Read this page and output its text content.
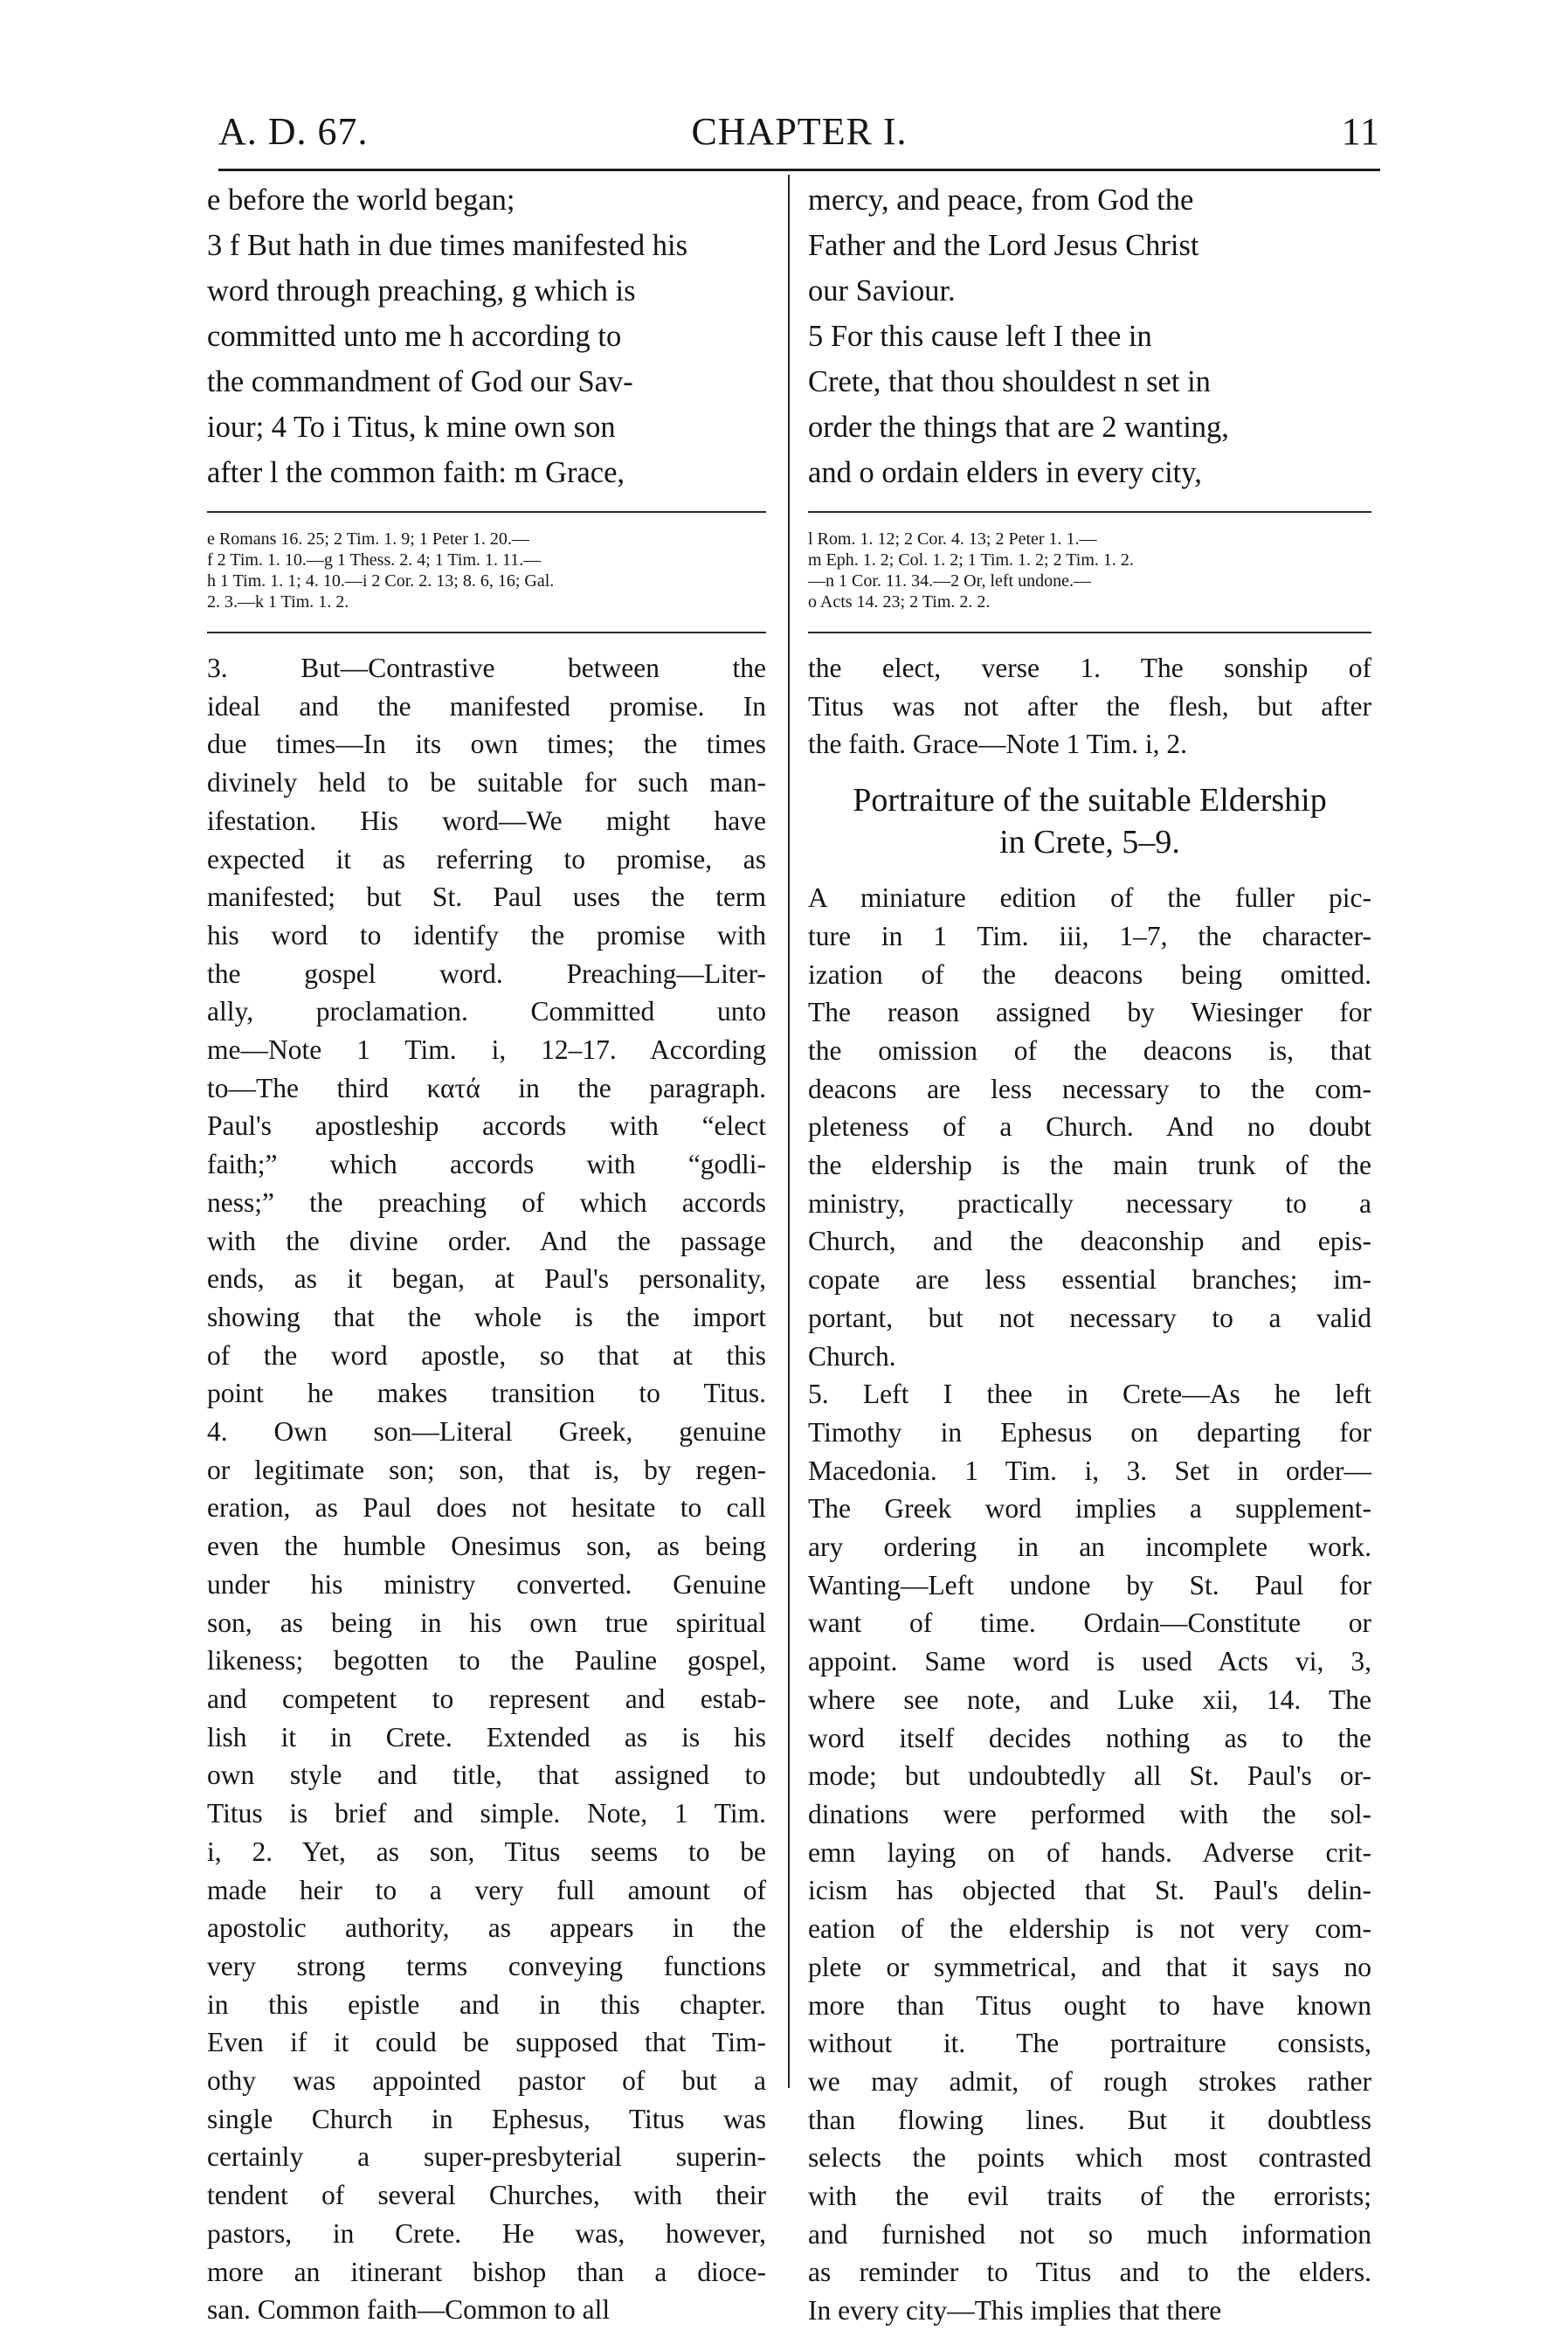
A. D. 67.	CHAPTER I.	11
e before the world began;
3 f But hath in due times manifested his
word through preaching, g which is
committed unto me h according to
the commandment of God our Sav-
iour; 4 To i Titus, k mine own son
after l the common faith: m Grace,
e Romans 16. 25; 2 Tim. 1. 9; 1 Peter 1. 20.—
f 2 Tim. 1. 10.—g 1 Thess. 2. 4; 1 Tim. 1. 11.—
h 1 Tim. 1. 1; 4. 10.—i 2 Cor. 2. 13; 8. 6, 16; Gal.
2. 3.—k 1 Tim. 1. 2.
3. But—Contrastive between the
ideal and the manifested promise. In
due times—In its own times; the times
divinely held to be suitable for such man-
ifestation. His word—We might have
expected it as referring to promise, as
manifested; but St. Paul uses the term
his word to identify the promise with
the gospel word. Preaching—Liter-
ally, proclamation. Committed unto
me—Note 1 Tim. i, 12–17. According
to—The third κατά in the paragraph.
Paul's apostleship accords with “elect
faith;” which accords with “godli-
ness;” the preaching of which accords
with the divine order. And the passage
ends, as it began, at Paul's personality,
showing that the whole is the import
of the word apostle, so that at this
point he makes transition to Titus.
4. Own son—Literal Greek, genuine
or legitimate son; son, that is, by regen-
eration, as Paul does not hesitate to call
even the humble Onesimus son, as being
under his ministry converted. Genuine
son, as being in his own true spiritual
likeness; begotten to the Pauline gospel,
and competent to represent and estab-
lish it in Crete. Extended as is his
own style and title, that assigned to
Titus is brief and simple. Note, 1 Tim.
i, 2. Yet, as son, Titus seems to be
made heir to a very full amount of
apostolic authority, as appears in the
very strong terms conveying functions
in this epistle and in this chapter.
Even if it could be supposed that Tim-
othy was appointed pastor of but a
single Church in Ephesus, Titus was
certainly a super-presbyterial superin-
tendent of several Churches, with their
pastors, in Crete. He was, however,
more an itinerant bishop than a dioce-
san. Common faith—Common to all
mercy, and peace, from God the
Father and the Lord Jesus Christ
our Saviour.
5 For this cause left I thee in
Crete, that thou shouldest n set in
order the things that are 2 wanting,
and o ordain elders in every city,
l Rom. 1. 12; 2 Cor. 4. 13; 2 Peter 1. 1.—
m Eph. 1. 2; Col. 1. 2; 1 Tim. 1. 2; 2 Tim. 1. 2.
—n 1 Cor. 11. 34.—2 Or, left undone.—
o Acts 14. 23; 2 Tim. 2. 2.
the elect, verse 1. The sonship of
Titus was not after the flesh, but after
the faith. Grace—Note 1 Tim. i, 2.
Portraiture of the suitable Eldership
in Crete, 5–9.
A miniature edition of the fuller pic-
ture in 1 Tim. iii, 1–7, the character-
ization of the deacons being omitted.
The reason assigned by Wiesinger for
the omission of the deacons is, that
deacons are less necessary to the com-
pleteness of a Church. And no doubt
the eldership is the main trunk of the
ministry, practically necessary to a
Church, and the deaconship and epis-
copate are less essential branches; im-
portant, but not necessary to a valid
Church.
5. Left I thee in Crete—As he left
Timothy in Ephesus on departing for
Macedonia. 1 Tim. i, 3. Set in order—
The Greek word implies a supplement-
ary ordering in an incomplete work.
Wanting—Left undone by St. Paul for
want of time. Ordain—Constitute or
appoint. Same word is used Acts vi, 3,
where see note, and Luke xii, 14. The
word itself decides nothing as to the
mode; but undoubtedly all St. Paul's or-
dinations were performed with the sol-
emn laying on of hands. Adverse crit-
icism has objected that St. Paul's delin-
eation of the eldership is not very com-
plete or symmetrical, and that it says no
more than Titus ought to have known
without it. The portraiture consists,
we may admit, of rough strokes rather
than flowing lines. But it doubtless
selects the points which most contrasted
with the evil traits of the errorists;
and furnished not so much information
as reminder to Titus and to the elders.
In every city—This implies that there
